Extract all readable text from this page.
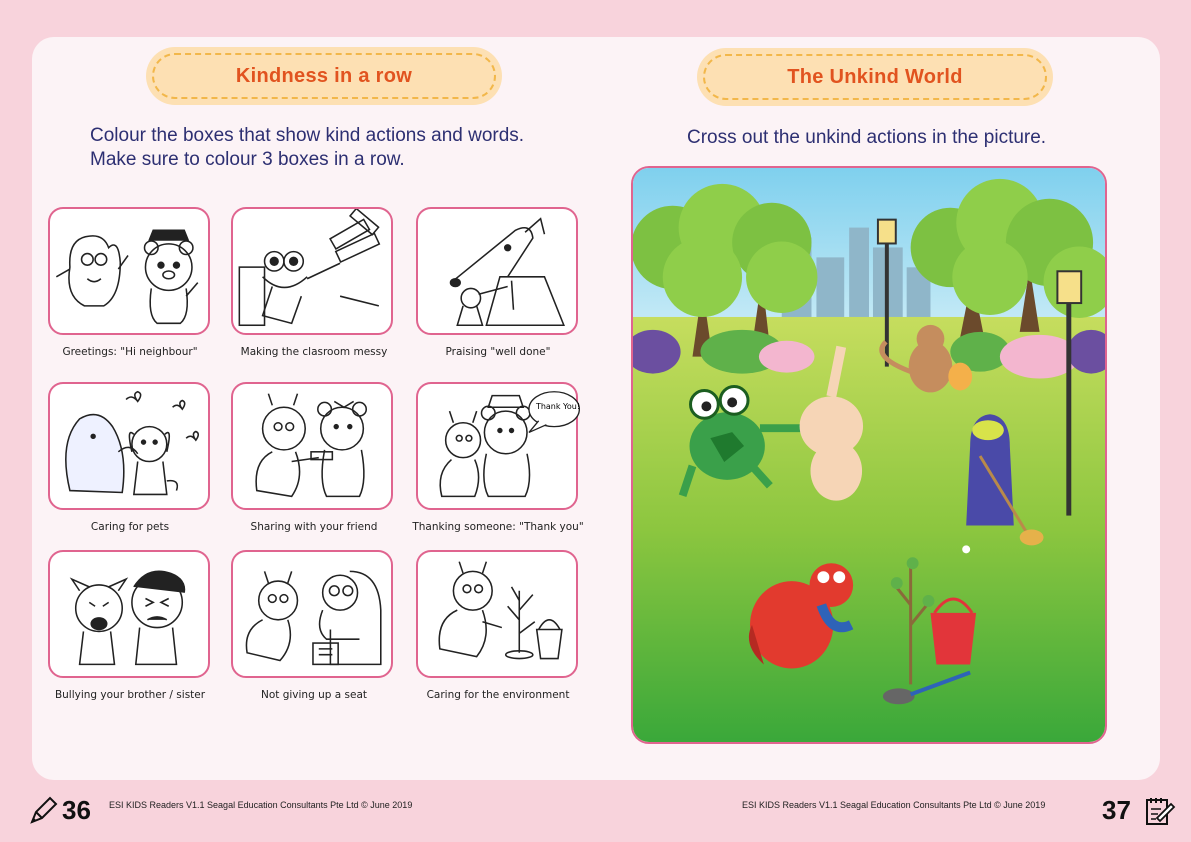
Kindness in a row
Colour the boxes that show kind actions and words.
Make sure to colour 3 boxes in a row.
Greetings: "Hi neighbour"	Making the clasroom messy	Praising "well done"
Caring for pets	Sharing with your friend
Thank You!
Thanking someone: "Thank you"
Bullying your brother / sister	Not giving up a seat	Caring for the environment
The Unkind World
Cross out the unkind actions in the picture.
36 ESI KIDS Readers V1.1 Seagal Education Consultants Pte Ltd © June 2019	ESI KIDS Readers V1.1 Seagal Education Consultants Pte Ltd © June 2019 37
